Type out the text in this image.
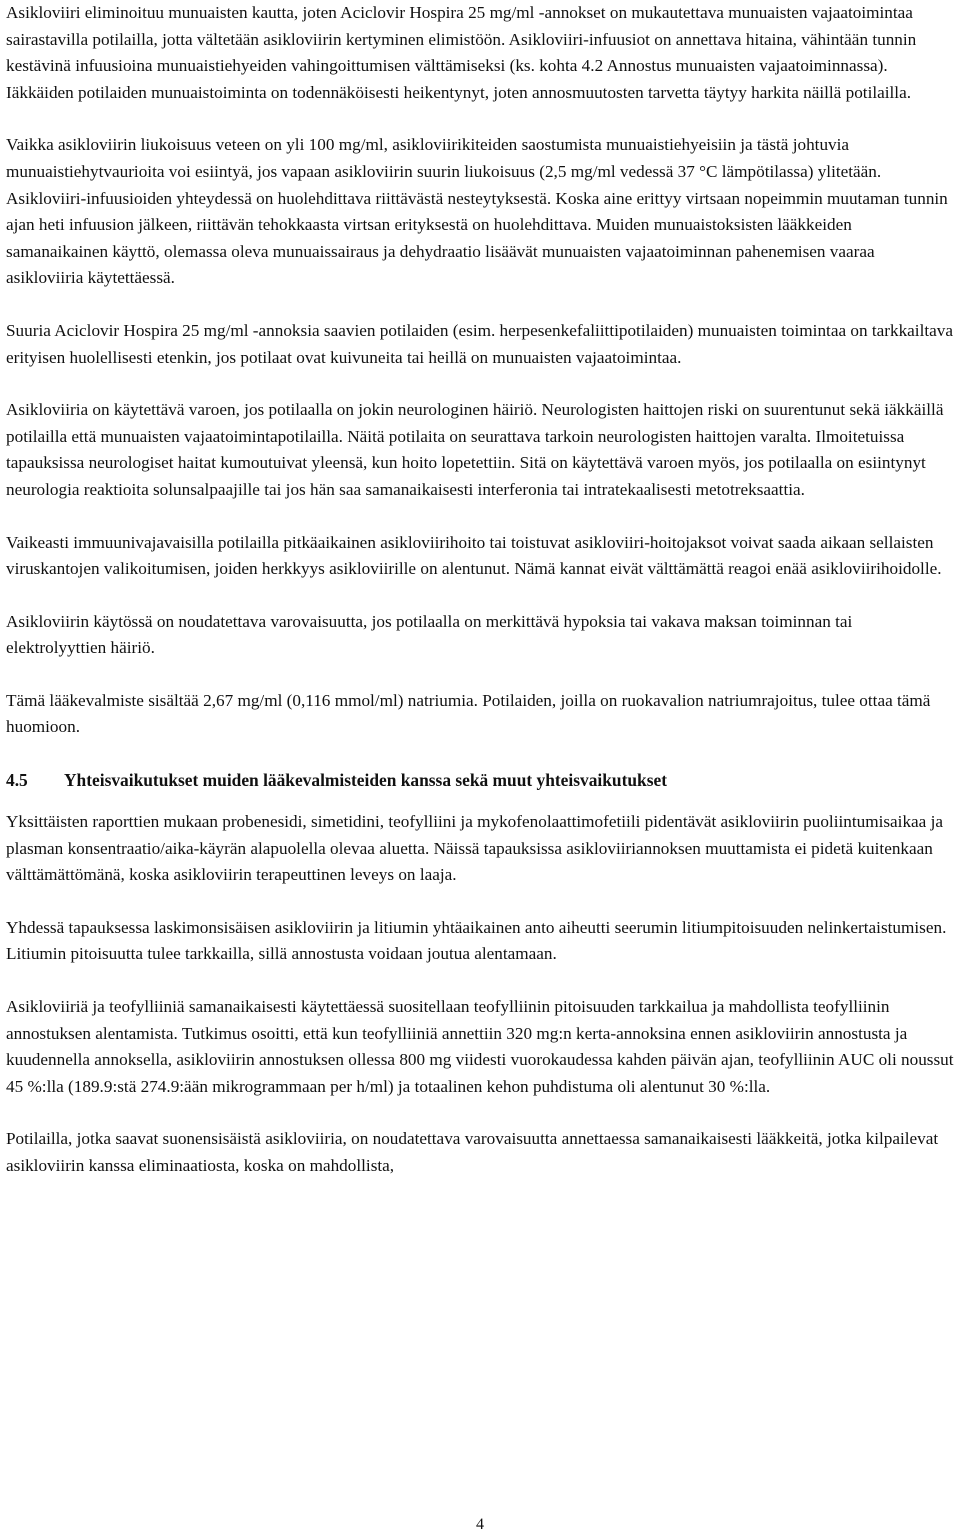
Asikloviiri eliminoituu munuaisten kautta, joten Aciclovir Hospira 25 mg/ml -annokset on mukautettava munuaisten vajaatoimintaa sairastavilla potilailla, jotta vältetään asikloviirin kertyminen elimistöön. Asikloviiri-infuusiot on annettava hitaina, vähintään tunnin kestävinä infuusioina munuaistiehyeiden vahingoittumisen välttämiseksi (ks. kohta 4.2 Annostus munuaisten vajaatoiminnassa). Iäkkäiden potilaiden munuaistoiminta on todennäköisesti heikentynyt, joten annosmuutosten tarvetta täytyy harkita näillä potilailla.

Vaikka asikloviirin liukoisuus veteen on yli 100 mg/ml, asikloviirikiteiden saostumista munuaistiehyeisiin ja tästä johtuvia munuaistiehytvaurioita voi esiintyä, jos vapaan asikloviirin suurin liukoisuus (2,5 mg/ml vedessä 37 °C lämpötilassa) ylitetään. Asikloviiri-infuusioiden yhteydessä on huolehdittava riittävästä nesteytyksestä. Koska aine erittyy virtsaan nopeimmin muutaman tunnin ajan heti infuusion jälkeen, riittävän tehokkaasta virtsan erityksestä on huolehdittava. Muiden munuaistoksisten lääkkeiden samanaikainen käyttö, olemassa oleva munuaissairaus ja dehydraatio lisäävät munuaisten vajaatoiminnan pahenemisen vaaraa asikloviiria käytettäessä.

Suuria Aciclovir Hospira 25 mg/ml -annoksia saavien potilaiden (esim. herpesenkefaliittipotilaiden) munuaisten toimintaa on tarkkailtava erityisen huolellisesti etenkin, jos potilaat ovat kuivuneita tai heillä on munuaisten vajaatoimintaa.

Asikloviiria on käytettävä varoen, jos potilaalla on jokin neurologinen häiriö. Neurologisten haittojen riski on suurentunut sekä iäkkäillä potilailla että munuaisten vajaatoimintapotilailla. Näitä potilaita on seurattava tarkoin neurologisten haittojen varalta. Ilmoitetuissa tapauksissa neurologiset haitat kumoutuivat yleensä, kun hoito lopetettiin. Sitä on käytettävä varoen myös, jos potilaalla on esiintynyt neurologia reaktioita solunsalpaajille tai jos hän saa samanaikaisesti interferonia tai intratekaalisesti metotreksaattia.

Vaikeasti immuunivajavaisilla potilailla pitkäaikainen asikloviirihoito tai toistuvat asikloviiri-hoitojaksot voivat saada aikaan sellaisten viruskantojen valikoitumisen, joiden herkkyys asikloviirille on alentunut. Nämä kannat eivät välttämättä reagoi enää asikloviirihoidolle.

Asikloviirin käytössä on noudatettava varovaisuutta, jos potilaalla on merkittävä hypoksia tai vakava maksan toiminnan tai elektrolyyttien häiriö.

Tämä lääkevalmiste sisältää 2,67 mg/ml (0,116 mmol/ml) natriumia. Potilaiden, joilla on ruokavalion natriumrajoitus, tulee ottaa tämä huomioon.

4.5 Yhteisvaikutukset muiden lääkevalmisteiden kanssa sekä muut yhteisvaikutukset

Yksittäisten raporttien mukaan probenesidi, simetidini, teofylliini ja mykofenolaattimofetiili pidentävät asikloviirin puoliintumisaikaa ja plasman konsentraatio/aika-käyrän alapuolella olevaa aluetta. Näissä tapauksissa asikloviiriannoksen muuttamista ei pidetä kuitenkaan välttämättömänä, koska asikloviirin terapeuttinen leveys on laaja.

Yhdessä tapauksessa laskimonsisäisen asikloviirin ja litiumin yhtäaikainen anto aiheutti seerumin litiumpitoisuuden nelinkertaistumisen. Litiumin pitoisuutta tulee tarkkailla, sillä annostusta voidaan joutua alentamaan.

Asikloviiriä ja teofylliiniä samanaikaisesti käytettäessä suositellaan teofylliinin pitoisuuden tarkkailua ja mahdollista teofylliinin annostuksen alentamista. Tutkimus osoitti, että kun teofylliiniä annettiin 320 mg:n kerta-annoksina ennen asikloviirin annostusta ja kuudennella annoksella, asikloviirin annostuksen ollessa 800 mg viidesti vuorokaudessa kahden päivän ajan, teofylliinin AUC oli noussut 45 %:lla (189.9:stä 274.9:ään mikrogrammaan per h/ml) ja totaalinen kehon puhdistuma oli alentunut 30 %:lla.

Potilailla, jotka saavat suonensisäistä asikloviiria, on noudatettava varovaisuutta annettaessa samanaikaisesti lääkkeitä, jotka kilpailevat asikloviirin kanssa eliminaatiosta, koska on mahdollista,

4
